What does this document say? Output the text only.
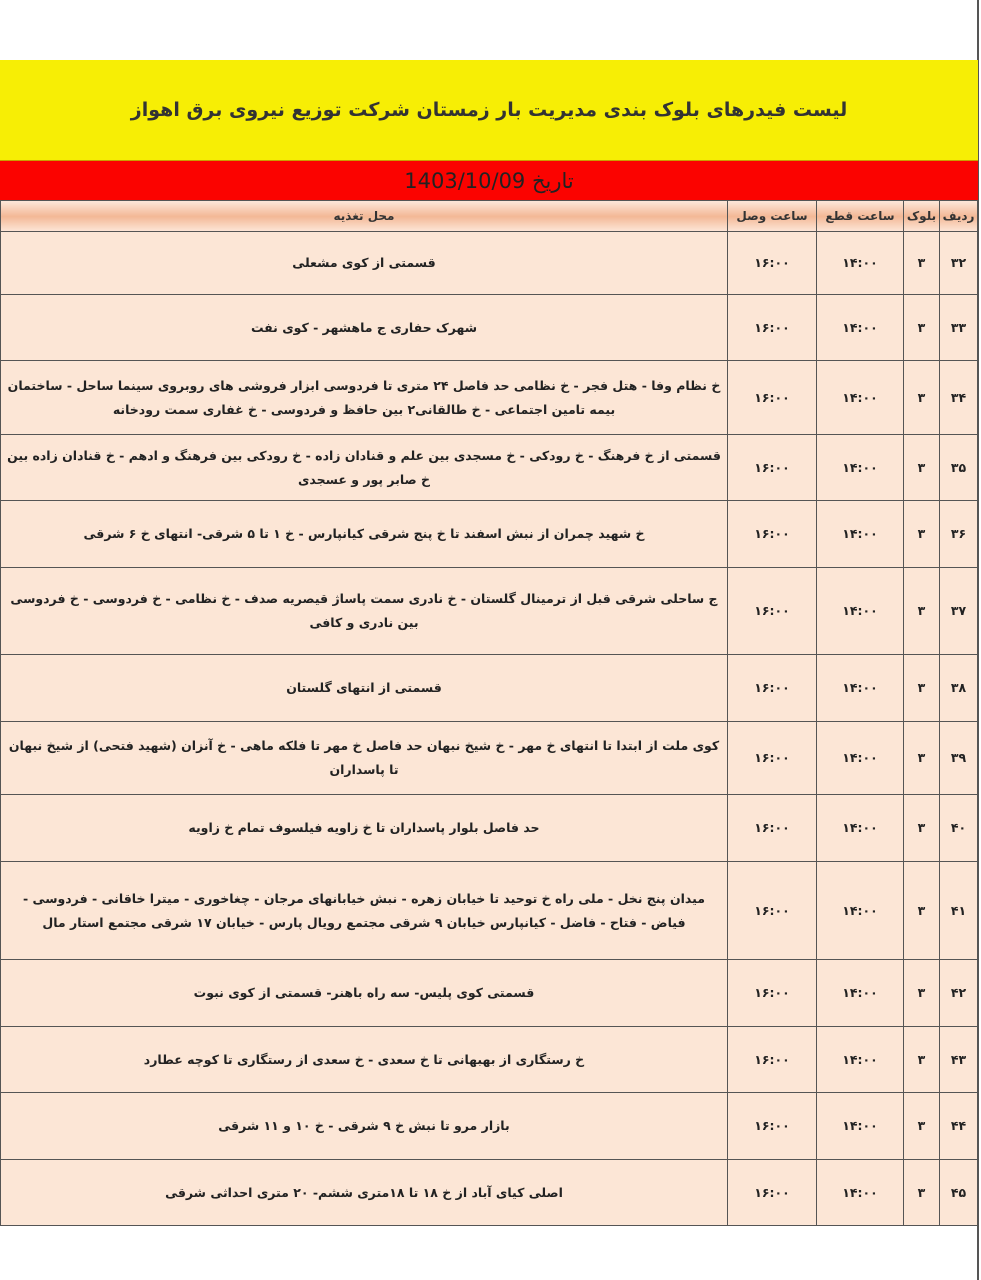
لیست فیدرهای بلوک بندی مدیریت بار زمستان شرکت توزیع نیروی برق اهواز
تاریخ 1403/10/09
ردیف	بلوک	ساعت قطع	ساعت وصل	محل تغذیه
۳۲	۳	۱۴:۰۰	۱۶:۰۰	قسمتی از کوی مشعلی
۳۳	۳	۱۴:۰۰	۱۶:۰۰	شهرک حفاری ج ماهشهر - کوی نفت
۳۴	۳	۱۴:۰۰	۱۶:۰۰	خ نظام وفا - هتل فجر - خ نظامی حد فاصل ۲۴ متری تا فردوسی ابزار فروشی های روبروی سینما ساحل - ساختمان بیمه تامین اجتماعی - خ طالقانی۲ بین حافظ و فردوسی - خ غفاری سمت رودخانه
۳۵	۳	۱۴:۰۰	۱۶:۰۰	قسمتی از خ فرهنگ - خ رودکی - خ مسجدی بین علم و قنادان زاده - خ رودکی بین فرهنگ و ادهم - خ قنادان زاده بین خ صابر پور و عسجدی
۳۶	۳	۱۴:۰۰	۱۶:۰۰	خ شهید چمران از نبش اسفند تا خ پنج شرقی کیانپارس - خ ۱ تا ۵ شرقی- انتهای خ ۶ شرقی
۳۷	۳	۱۴:۰۰	۱۶:۰۰	ج ساحلی شرقی قبل از ترمینال گلستان - خ نادری سمت پاساژ قیصریه صدف - خ نظامی - خ فردوسی - خ فردوسی بین نادری و کافی
۳۸	۳	۱۴:۰۰	۱۶:۰۰	قسمتی از انتهای گلستان
۳۹	۳	۱۴:۰۰	۱۶:۰۰	کوی ملت از ابتدا تا انتهای خ مهر - خ شیخ نبهان حد فاصل خ مهر تا فلکه ماهی - خ آنزان (شهید فتحی) از شیخ نبهان تا پاسداران
۴۰	۳	۱۴:۰۰	۱۶:۰۰	حد فاصل بلوار پاسداران تا خ زاویه فیلسوف تمام خ زاویه
۴۱	۳	۱۴:۰۰	۱۶:۰۰	میدان پنج نخل - ملی راه خ توحید تا خیابان زهره - نبش خیابانهای مرجان - چغاخوری - میترا خاقانی - فردوسی - فیاض - فتاح - فاضل - کیانپارس خیابان ۹ شرقی مجتمع رویال پارس - خیابان ۱۷ شرقی مجتمع استار مال
۴۲	۳	۱۴:۰۰	۱۶:۰۰	قسمتی کوی پلیس- سه راه باهنر- قسمتی از کوی نبوت
۴۳	۳	۱۴:۰۰	۱۶:۰۰	خ رستگاری از بهبهانی تا خ سعدی - خ سعدی از رستگاری تا کوچه عطارد
۴۴	۳	۱۴:۰۰	۱۶:۰۰	بازار مرو تا نبش خ ۹ شرقی - خ ۱۰ و ۱۱ شرقی
۴۵	۳	۱۴:۰۰	۱۶:۰۰	اصلی کیای آباد از خ ۱۸ تا ۱۸متری ششم- ۲۰ متری احداثی شرقی
